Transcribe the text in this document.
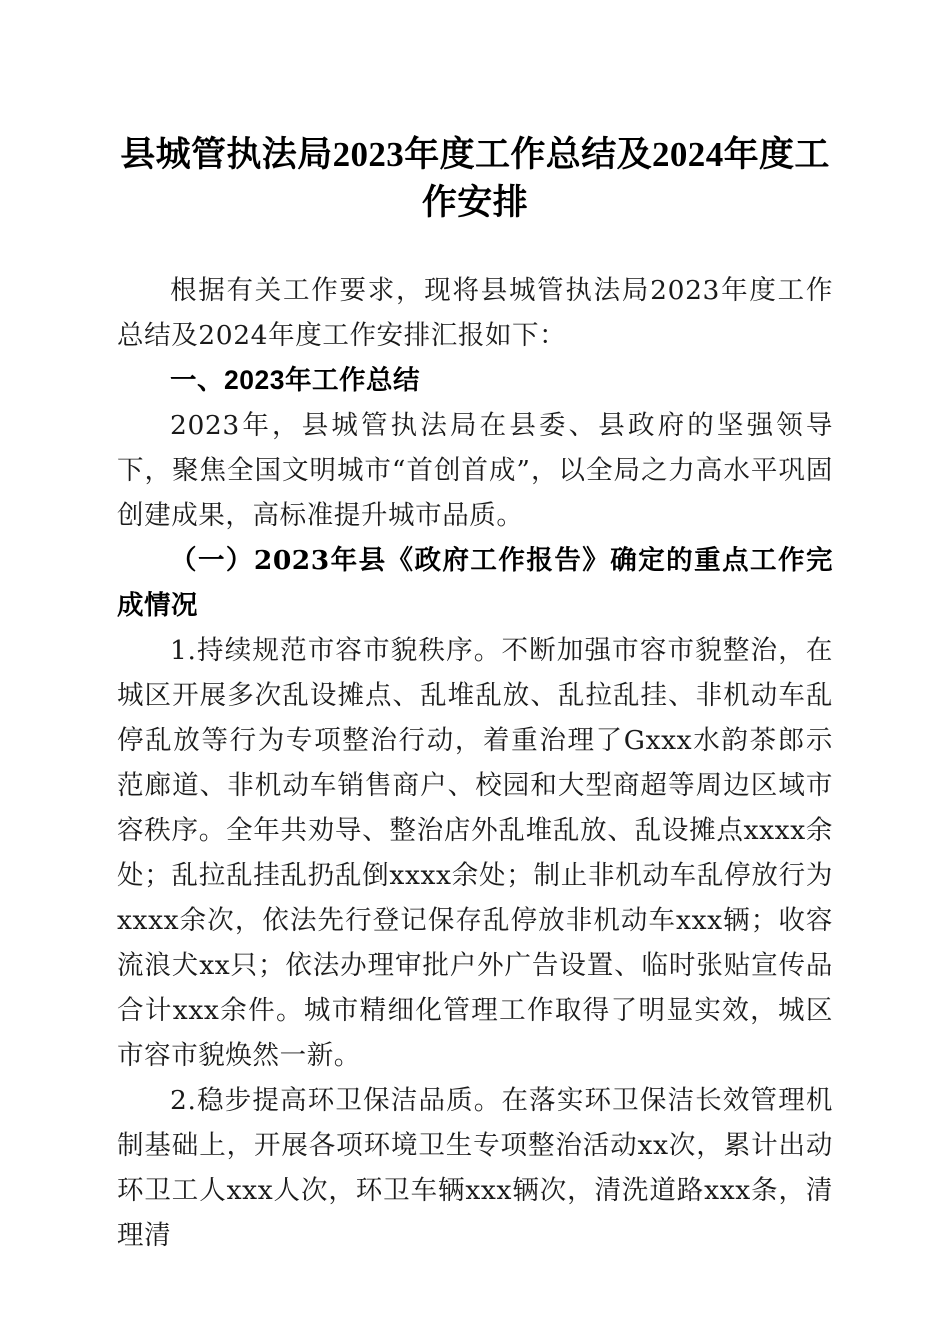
县城管执法局2023年度工作总结及2024年度工作安排

根据有关工作要求，现将县城管执法局2023年度工作总结及2024年度工作安排汇报如下：

一、2023年工作总结

2023年，县城管执法局在县委、县政府的坚强领导下，聚焦全国文明城市“首创首成”，以全局之力高水平巩固创建成果，高标准提升城市品质。

（一）2023年县《政府工作报告》确定的重点工作完成情况

1.持续规范市容市貌秩序。不断加强市容市貌整治，在城区开展多次乱设摊点、乱堆乱放、乱拉乱挂、非机动车乱停乱放等行为专项整治行动，着重治理了Gxxx水韵茶郎示范廊道、非机动车销售商户、校园和大型商超等周边区域市容秩序。全年共劝导、整治店外乱堆乱放、乱设摊点xxxx余处；乱拉乱挂乱扔乱倒xxxx余处；制止非机动车乱停放行为xxxx余次，依法先行登记保存乱停放非机动车xxx辆；收容流浪犬xx只；依法办理审批户外广告设置、临时张贴宣传品合计xxx余件。城市精细化管理工作取得了明显实效，城区市容市貌焕然一新。

2.稳步提高环卫保洁品质。在落实环卫保洁长效管理机制基础上，开展各项环境卫生专项整治活动xx次，累计出动环卫工人xxx人次，环卫车辆xxx辆次，清洗道路xxx条，清理清
